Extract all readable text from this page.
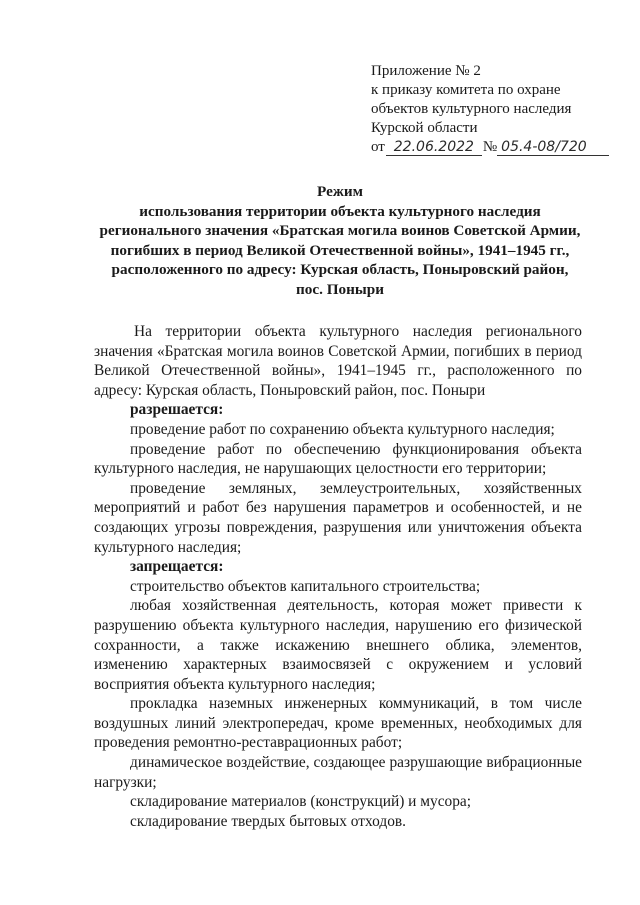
Приложение № 2
к приказу комитета по охране
объектов культурного наследия
Курской области
от 22.06.2022 № 05.4-08/720
Режим
использования территории объекта культурного наследия
регионального значения «Братская могила воинов Советской Армии,
погибших в период Великой Отечественной войны», 1941–1945 гг.,
расположенного по адресу: Курская область, Поныровский район,
пос. Поныри

На территории объекта культурного наследия регионального значения «Братская могила воинов Советской Армии, погибших в период Великой Отечественной войны», 1941–1945 гг., расположенного по адресу: Курская область, Поныровский район, пос. Поныри

разрешается:

проведение работ по сохранению объекта культурного наследия;

проведение работ по обеспечению функционирования объекта культурного наследия, не нарушающих целостности его территории;

проведение земляных, землеустроительных, хозяйственных мероприятий и работ без нарушения параметров и особенностей, и не создающих угрозы повреждения, разрушения или уничтожения объекта культурного наследия;

запрещается:

строительство объектов капитального строительства;

любая хозяйственная деятельность, которая может привести к разрушению объекта культурного наследия, нарушению его физической сохранности, а также искажению внешнего облика, элементов, изменению характерных взаимосвязей с окружением и условий восприятия объекта культурного наследия;

прокладка наземных инженерных коммуникаций, в том числе воздушных линий электропередач, кроме временных, необходимых для проведения ремонтно-реставрационных работ;

динамическое воздействие, создающее разрушающие вибрационные нагрузки;

складирование материалов (конструкций) и мусора;

складирование твердых бытовых отходов.
